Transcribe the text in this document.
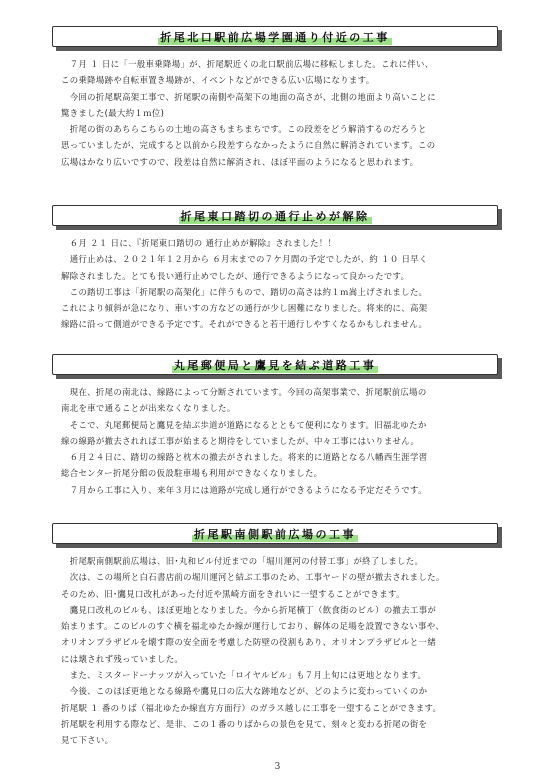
折尾北口駅前広場学園通り付近の工事

　７月 １ 日に「一般車乗降場」が、折尾駅近くの北口駅前広場に移転しました。これに伴い、

この乗降場跡や自転車置き場跡が、イベントなどができる広い広場になります。

　今回の折尾駅高架工事で、折尾駅の南側や高架下の地面の高さが、北側の地面より高いことに

驚きました(最大約１ｍ位)

　折尾の街のあちらこちらの土地の高さもまちまちです。この段差をどう解消するのだろうと

思っていましたが、完成すると以前から段差すらなかったように自然に解消されています。この

広場はかなり広いですので、段差は自然に解消され、ほぼ平面のようになると思われます。

折尾東口踏切の通行止めが解除

　６月 ２１ 日に、『折尾東口踏切の 通行止めが解除』されました！！

　通行止めは、２０２１年１２月から ６月末までの７ケ月間の予定でしたが、約 １０ 日早く

解除されました。とても長い通行止めでしたが、通行できるようになって良かったです。

　この踏切工事は「折尾駅の高架化」に伴うもので、踏切の高さは約１ｍ嵩上げされました。

これにより傾斜が急になり、車いすの方などの通行が少し困難になりました。将来的に、高架

線路に沿って側道ができる予定です。それができると若干通行しやすくなるかもしれません。

丸尾郵便局と鷹見を結ぶ道路工事

　現在、折尾の南北は、線路によって分断されています。今回の高架事業で、折尾駅前広場の

南北を車で通ることが出来なくなりました。

　そこで、丸尾郵便局と鷹見を結ぶ歩道が道路になるとともて便利になります。旧福北ゆたか

線の線路が撤去されれば工事が始まると期待をしていましたが、中々工事にはいりません。

　６月２４日に、踏切の線路と枕木の撤去がされました。将来的に道路となる八幡西生涯学習

総合センター折尾分館の仮設駐車場も利用ができなくなりました。

　７月から工事に入り、来年３月には道路が完成し通行ができるようになる予定だそうです。

折尾駅南側駅前広場の工事

　折尾駅南側駅前広場は、旧･丸和ビル付近までの「堀川運河の付替工事」が終了しました。

　次は、この場所と白石書店前の堀川運河と結ぶ工事のため、工事ヤードの壁が撤去されました。

そのため、旧･鷹見口改札があった付近や黒崎方面をきれいに一望することができます。

　鷹見口改札のビルも、ほぼ更地となりました。今から折尾横丁（飲食街のビル）の撤去工事が

始まります。このビルのすぐ横を福北ゆたか線が運行しており、解体の足場を設置できない事や、

オリオンプラザビルを壊す際の安全面を考慮した防壁の役割もあり、オリオンプラザビルと一緒

には壊されず残っていました。

　また、ミスタードーナッツが入っていた「ロイヤルビル」も７月上旬には更地となります。

　今後、このほぼ更地となる線路や鷹見口の広大な跡地などが、どのように変わっていくのか

折尾駅 １ 番のりば（福北ゆたか線直方方面行）のガラス越しに工事を一望することができます。

折尾駅を利用する際など、是非、この１番のりばからの景色を見て、刻々と変わる折尾の街を

見て下さい。

3
